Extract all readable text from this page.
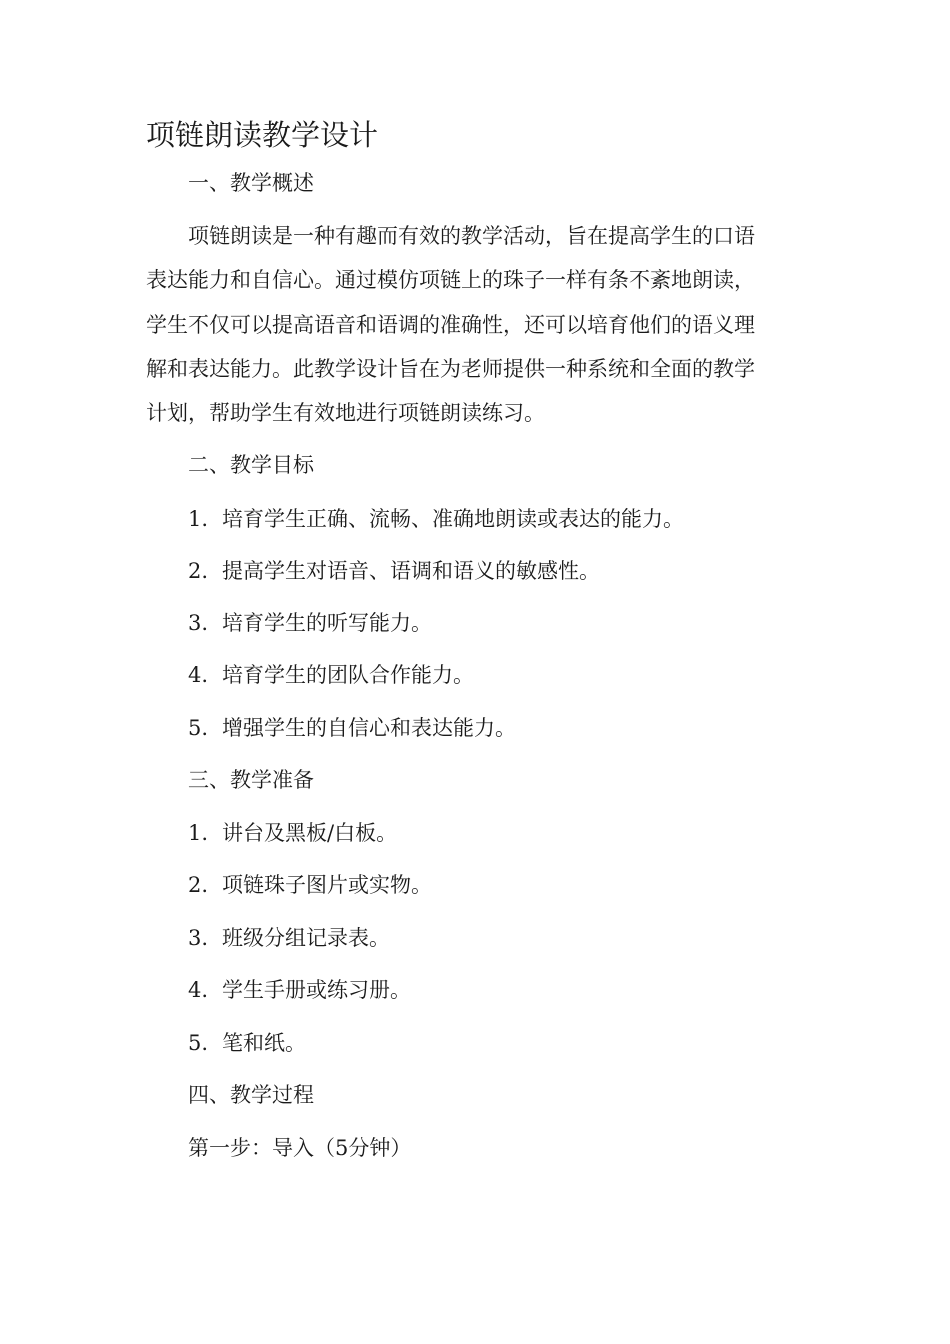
项链朗读教学设计
一、教学概述
项链朗读是一种有趣而有效的教学活动，旨在提高学生的口语
表达能力和自信心。通过模仿项链上的珠子一样有条不紊地朗读，
学生不仅可以提高语音和语调的准确性，还可以培育他们的语义理
解和表达能力。此教学设计旨在为老师提供一种系统和全面的教学
计划，帮助学生有效地进行项链朗读练习。
二、教学目标
1. 培育学生正确、流畅、准确地朗读或表达的能力。
2. 提高学生对语音、语调和语义的敏感性。
3. 培育学生的听写能力。
4. 培育学生的团队合作能力。
5. 增强学生的自信心和表达能力。
三、教学准备
1. 讲台及黑板/白板。
2. 项链珠子图片或实物。
3. 班级分组记录表。
4. 学生手册或练习册。
5. 笔和纸。
四、教学过程
第一步：导入（5分钟）
